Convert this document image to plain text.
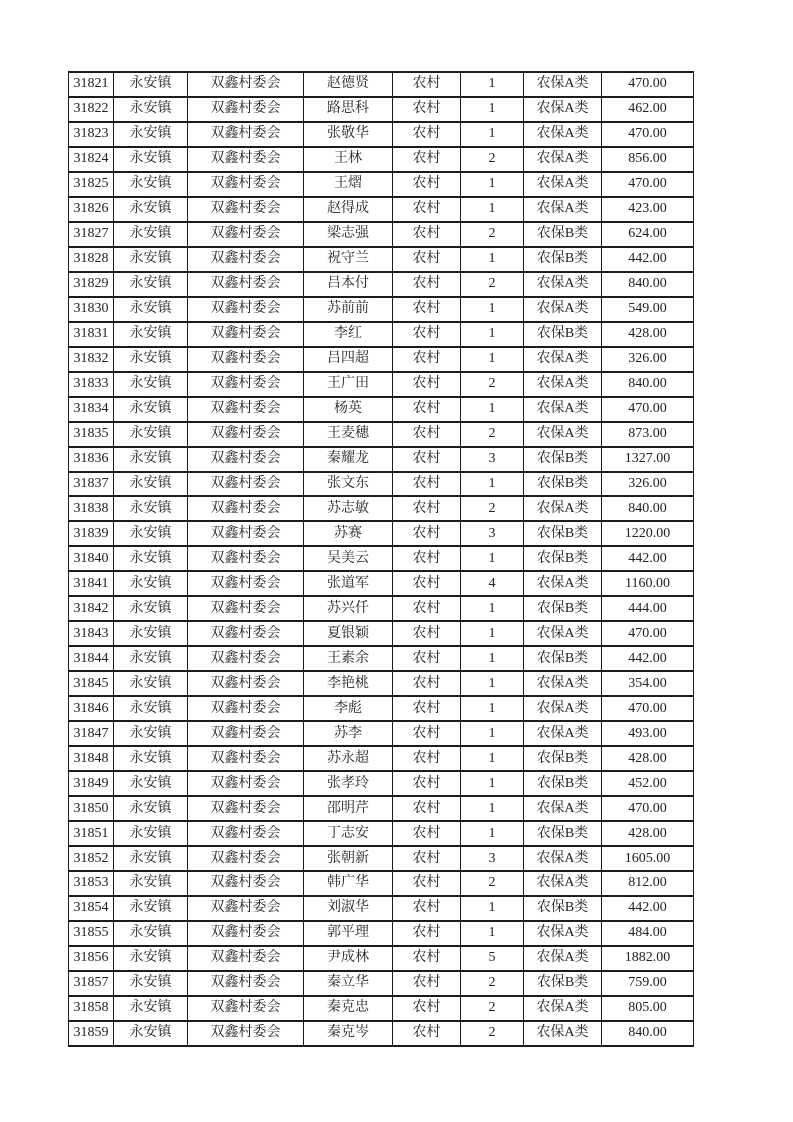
31821	永安镇	双鑫村委会	赵德贤	农村	1	农保A类	470.00
31822	永安镇	双鑫村委会	路思科	农村	1	农保A类	462.00
31823	永安镇	双鑫村委会	张敬华	农村	1	农保A类	470.00
31824	永安镇	双鑫村委会	王林	农村	2	农保A类	856.00
31825	永安镇	双鑫村委会	王熠	农村	1	农保A类	470.00
31826	永安镇	双鑫村委会	赵得成	农村	1	农保A类	423.00
31827	永安镇	双鑫村委会	梁志强	农村	2	农保B类	624.00
31828	永安镇	双鑫村委会	祝守兰	农村	1	农保B类	442.00
31829	永安镇	双鑫村委会	吕本付	农村	2	农保A类	840.00
31830	永安镇	双鑫村委会	苏前前	农村	1	农保A类	549.00
31831	永安镇	双鑫村委会	李红	农村	1	农保B类	428.00
31832	永安镇	双鑫村委会	吕四超	农村	1	农保A类	326.00
31833	永安镇	双鑫村委会	王广田	农村	2	农保A类	840.00
31834	永安镇	双鑫村委会	杨英	农村	1	农保A类	470.00
31835	永安镇	双鑫村委会	王麦穗	农村	2	农保A类	873.00
31836	永安镇	双鑫村委会	秦耀龙	农村	3	农保B类	1327.00
31837	永安镇	双鑫村委会	张文东	农村	1	农保B类	326.00
31838	永安镇	双鑫村委会	苏志敏	农村	2	农保A类	840.00
31839	永安镇	双鑫村委会	苏赛	农村	3	农保B类	1220.00
31840	永安镇	双鑫村委会	吴美云	农村	1	农保B类	442.00
31841	永安镇	双鑫村委会	张道军	农村	4	农保A类	1160.00
31842	永安镇	双鑫村委会	苏兴仟	农村	1	农保B类	444.00
31843	永安镇	双鑫村委会	夏银颖	农村	1	农保A类	470.00
31844	永安镇	双鑫村委会	王素余	农村	1	农保B类	442.00
31845	永安镇	双鑫村委会	李艳桃	农村	1	农保A类	354.00
31846	永安镇	双鑫村委会	李彪	农村	1	农保A类	470.00
31847	永安镇	双鑫村委会	苏李	农村	1	农保A类	493.00
31848	永安镇	双鑫村委会	苏永超	农村	1	农保B类	428.00
31849	永安镇	双鑫村委会	张孝玲	农村	1	农保B类	452.00
31850	永安镇	双鑫村委会	邵明芹	农村	1	农保A类	470.00
31851	永安镇	双鑫村委会	丁志安	农村	1	农保B类	428.00
31852	永安镇	双鑫村委会	张朝新	农村	3	农保A类	1605.00
31853	永安镇	双鑫村委会	韩广华	农村	2	农保A类	812.00
31854	永安镇	双鑫村委会	刘淑华	农村	1	农保B类	442.00
31855	永安镇	双鑫村委会	郭平理	农村	1	农保A类	484.00
31856	永安镇	双鑫村委会	尹成林	农村	5	农保A类	1882.00
31857	永安镇	双鑫村委会	秦立华	农村	2	农保B类	759.00
31858	永安镇	双鑫村委会	秦克忠	农村	2	农保A类	805.00
31859	永安镇	双鑫村委会	秦克岑	农村	2	农保A类	840.00
